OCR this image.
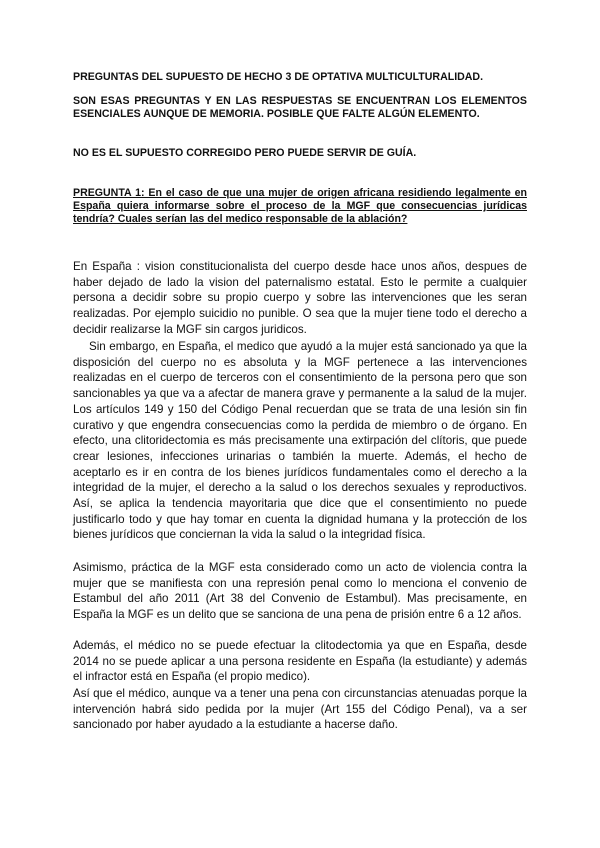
PREGUNTAS DEL SUPUESTO DE HECHO 3 DE OPTATIVA MULTICULTURALIDAD.

SON ESAS PREGUNTAS Y EN LAS RESPUESTAS SE ENCUENTRAN LOS ELEMENTOS ESENCIALES AUNQUE DE MEMORIA. POSIBLE QUE FALTE ALGÚN ELEMENTO.

NO ES EL SUPUESTO CORREGIDO PERO PUEDE SERVIR DE GUÍA.

PREGUNTA 1: En el caso de que una mujer de origen africana residiendo legalmente en España quiera informarse sobre el proceso de la MGF que consecuencias jurídicas tendría? Cuales serían las del medico responsable de la ablación?

En España : vision constitucionalista del cuerpo desde hace unos años, despues de haber dejado de lado la vision del paternalismo estatal. Esto le permite a cualquier persona a decidir sobre su propio cuerpo y sobre las intervenciones que les seran realizadas. Por ejemplo suicidio no punible. O sea que la mujer tiene todo el derecho a decidir realizarse la MGF sin cargos juridicos.

Sin embargo, en España, el medico que ayudó a la mujer está sancionado ya que la disposición del cuerpo no es absoluta y la MGF pertenece a las intervenciones realizadas en el cuerpo de terceros con el consentimiento de la persona pero que son sancionables ya que va a afectar de manera grave y permanente a la salud de la mujer. Los artículos 149 y 150 del Código Penal recuerdan que se trata de una lesión sin fin curativo y que engendra consecuencias como la perdida de miembro o de órgano. En efecto, una clitoridectomia es más precisamente una extirpación del clítoris, que puede crear lesiones, infecciones urinarias o también la muerte. Además, el hecho de aceptarlo es ir en contra de los bienes jurídicos fundamentales como el derecho a la integridad de la mujer, el derecho a la salud o los derechos sexuales y reproductivos. Así, se aplica la tendencia mayoritaria que dice que el consentimiento no puede justificarlo todo y que hay tomar en cuenta la dignidad humana y la protección de los bienes jurídicos que conciernan la vida la salud o la integridad física.

Asimismo, práctica de la MGF esta considerado como un acto de violencia contra la mujer que se manifiesta con una represión penal como lo menciona el convenio de Estambul del año 2011 (Art 38 del Convenio de Estambul). Mas precisamente, en España la MGF es un delito que se sanciona de una pena de prisión entre 6 a 12 años.

Además, el médico no se puede efectuar la clitodectomia ya que en España, desde 2014 no se puede aplicar a una persona residente en España (la estudiante) y además el infractor está en España (el propio medico).

Así que el médico, aunque va a tener una pena con circunstancias atenuadas porque la intervención habrá sido pedida por la mujer (Art 155 del Código Penal), va a ser sancionado por haber ayudado a la estudiante a hacerse daño.
